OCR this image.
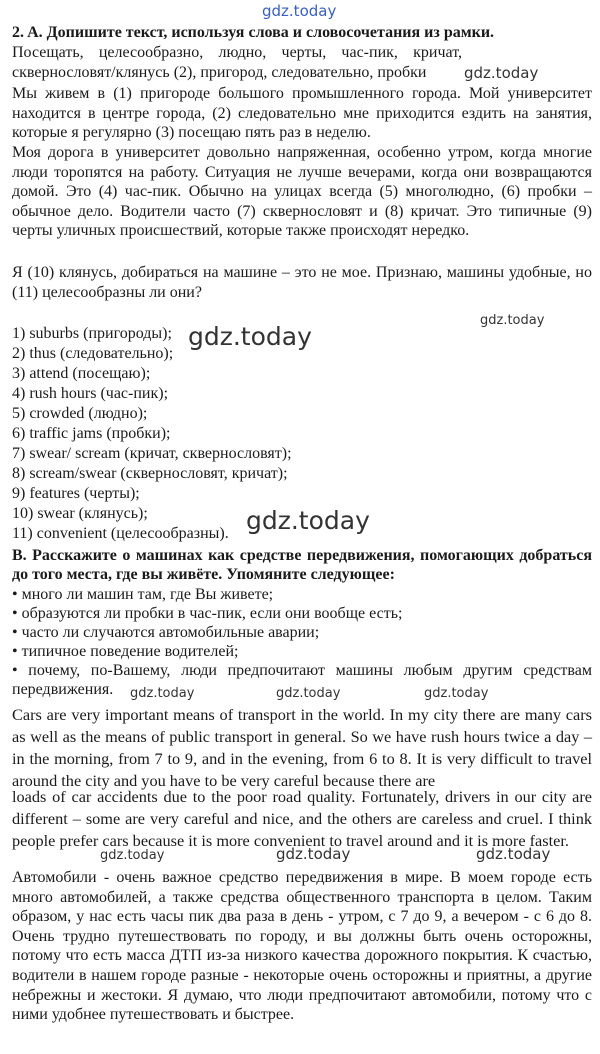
gdz.today
gdz.today
gdz.today
gdz.today
gdz.today
gdz.today	gdz.today	gdz.today
gdz.today	gdz.today	gdz.today
2. A. Допишите текст, используя слова и словосочетания из рамки.

Посещать, целесообразно, людно, черты, час-пик, кричат, сквернословят/клянусь (2), пригород, следовательно, пробки

Мы живем в (1) пригороде большого промышленного города. Мой университет находится в центре города, (2) следовательно мне приходится ездить на занятия, которые я регулярно (3) посещаю пять раз в неделю.

Моя дорога в университет довольно напряженная, особенно утром, когда многие люди торопятся на работу. Ситуация не лучше вечерами, когда они возвращаются домой. Это (4) час-пик. Обычно на улицах всегда (5) многолюдно, (6) пробки – обычное дело. Водители часто (7) сквернословят и (8) кричат. Это типичные (9) черты уличных происшествий, которые также происходят нередко.

Я (10) клянусь, добираться на машине – это не мое. Признаю, машины удобные, но (11) целесообразны ли они?

1) suburbs (пригороды);
2) thus (следовательно);
3) attend (посещаю);
4) rush hours (час-пик);
5) crowded (людно);
6) traffic jams (пробки);
7) swear/ scream (кричат, сквернословят);
8) scream/swear (сквернословят, кричат);
9) features (черты);
10) swear (клянусь);
11) convenient (целесообразны).
B. Расскажите о машинах как средстве передвижения, помогающих добраться до того места, где вы живёте. Упомяните следующее:
• много ли машин там, где Вы живете;
• образуются ли пробки в час-пик, если они вообще есть;
• часто ли случаются автомобильные аварии;
• типичное поведение водителей;
• почему, по-Вашему, люди предпочитают машины любым другим средствам передвижения.

Cars are very important means of transport in the world. In my city there are many cars as well as the means of public transport in general. So we have rush hours twice a day – in the morning, from 7 to 9, and in the evening, from 6 to 8. It is very difficult to travel around the city and you have to be very careful because there are

loads of car accidents due to the poor road quality. Fortunately, drivers in our city are different – some are very careful and nice, and the others are careless and cruel. I think people prefer cars because it is more convenient to travel around and it is more faster.

Автомобили - очень важное средство передвижения в мире. В моем городе есть много автомобилей, а также средства общественного транспорта в целом. Таким образом, у нас есть часы пик два раза в день - утром, с 7 до 9, а вечером - с 6 до 8. Очень трудно путешествовать по городу, и вы должны быть очень осторожны, потому что есть масса ДТП из-за низкого качества дорожного покрытия. К счастью, водители в нашем городе разные - некоторые очень осторожны и приятны, а другие небрежны и жестоки. Я думаю, что люди предпочитают автомобили, потому что с ними удобнее путешествовать и быстрее.
